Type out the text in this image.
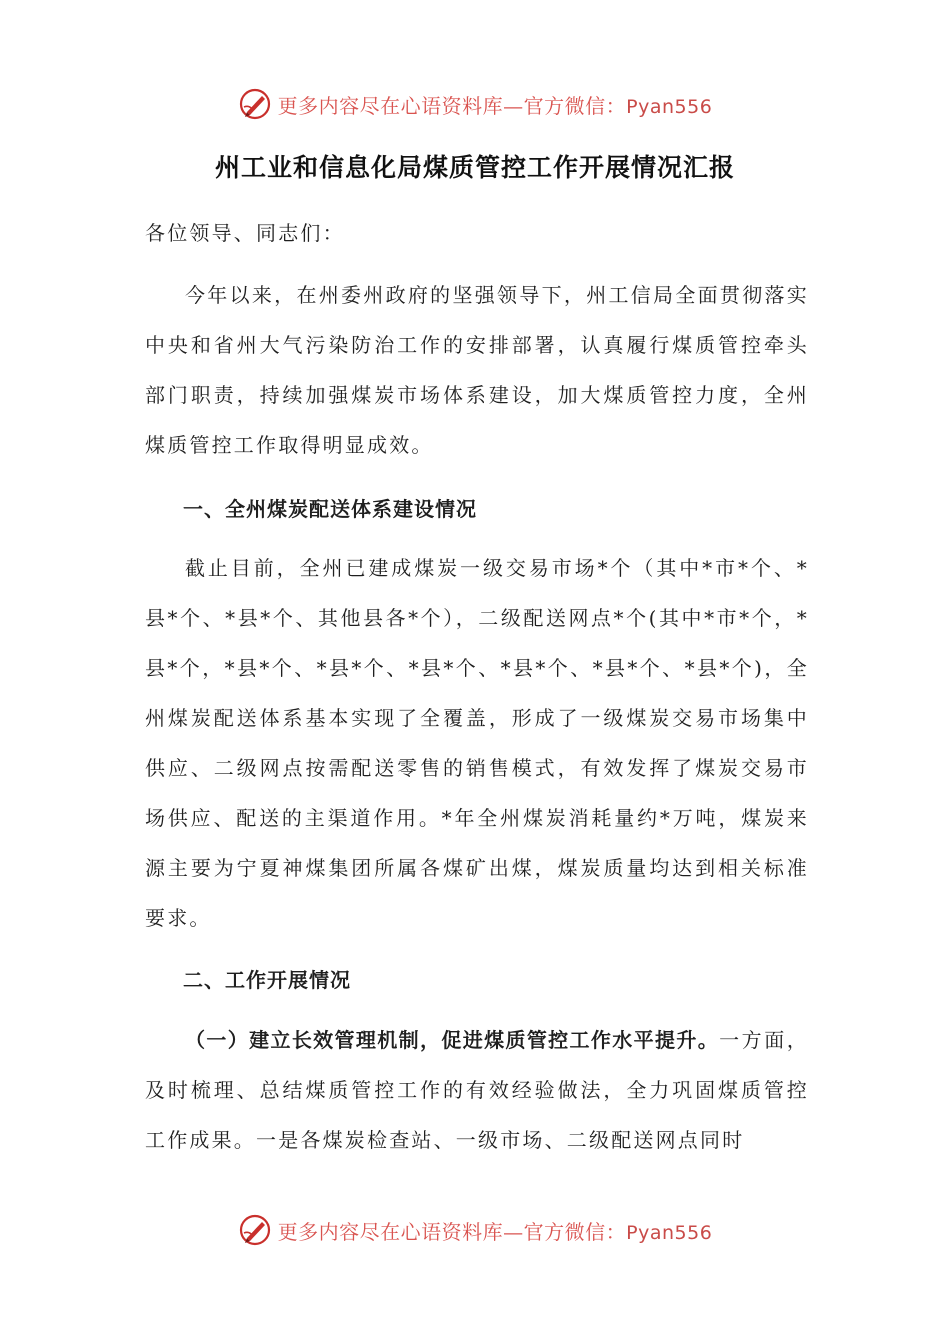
更多内容尽在心语资料库—官方微信：Pyan556
州工业和信息化局煤质管控工作开展情况汇报
各位领导、同志们：
今年以来，在州委州政府的坚强领导下，州工信局全面贯彻落实中央和省州大气污染防治工作的安排部署，认真履行煤质管控牵头部门职责，持续加强煤炭市场体系建设，加大煤质管控力度，全州煤质管控工作取得明显成效。
一、全州煤炭配送体系建设情况
截止目前，全州已建成煤炭一级交易市场*个（其中*市*个、*县*个、*县*个、其他县各*个），二级配送网点*个(其中*市*个，*县*个，*县*个、*县*个、*县*个、*县*个、*县*个、*县*个)，全州煤炭配送体系基本实现了全覆盖，形成了一级煤炭交易市场集中供应、二级网点按需配送零售的销售模式，有效发挥了煤炭交易市场供应、配送的主渠道作用。*年全州煤炭消耗量约*万吨，煤炭来源主要为宁夏神煤集团所属各煤矿出煤，煤炭质量均达到相关标准要求。
二、工作开展情况
（一）建立长效管理机制，促进煤质管控工作水平提升。一方面，及时梳理、总结煤质管控工作的有效经验做法，全力巩固煤质管控工作成果。一是各煤炭检查站、一级市场、二级配送网点同时
更多内容尽在心语资料库—官方微信：Pyan556
